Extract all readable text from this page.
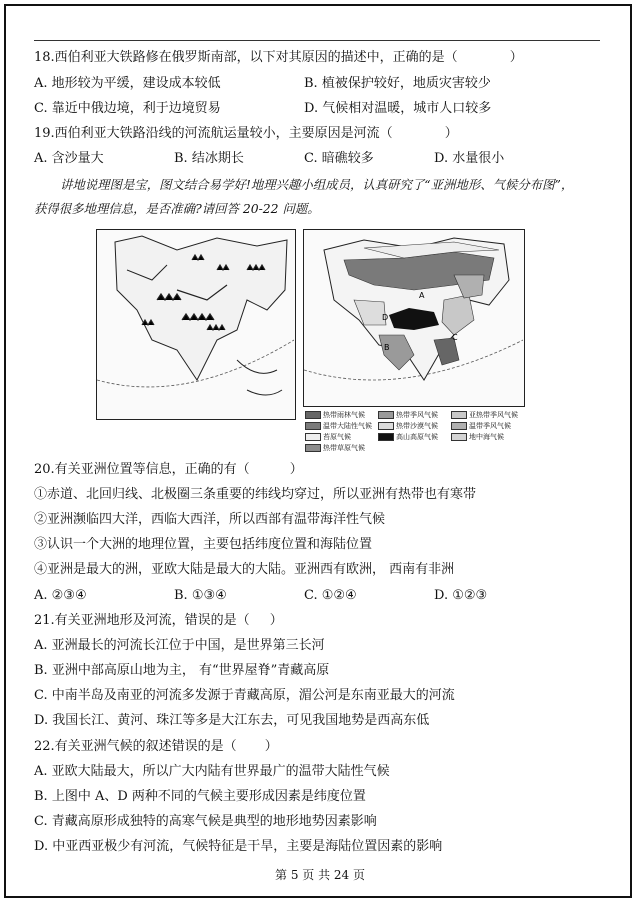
18.西伯利亚大铁路修在俄罗斯南部，以下对其原因的描述中，正确的是（	）
A. 地形较为平缓，建设成本较低	B. 植被保护较好，地质灾害较少
C. 靠近中俄边境，利于边境贸易	D. 气候相对温暖，城市人口较多
19.西伯利亚大铁路沿线的河流航运量较小，主要原因是河流（	）
A. 含沙量大	B. 结冰期长	C. 暗礁较多	D. 水量很小
讲地说理图是宝，图文结合易学好!地理兴趣小组成员，认真研究了“亚洲地形、气候分布图”，
获得很多地理信息，是否准确?请回答 20-22 问题。
A
B
C
D
热带雨林气候	热带季风气候	亚热带季风气候
温带大陆性气候	热带沙漠气候	温带季风气候
苔原气候	高山高原气候	地中海气候
热带草原气候
20.有关亚洲位置等信息，正确的有（	）
①赤道、北回归线、北极圈三条重要的纬线均穿过，所以亚洲有热带也有寒带
②亚洲濒临四大洋，西临大西洋，所以西部有温带海洋性气候
③认识一个大洲的地理位置，主要包括纬度位置和海陆位置
④亚洲是最大的洲，亚欧大陆是最大的大陆。亚洲西有欧洲， 西南有非洲
A. ②③④	B. ①③④	C. ①②④	D. ①②③
21.有关亚洲地形及河流，错误的是（ ）
A. 亚洲最长的河流长江位于中国，是世界第三长河
B. 亚洲中部高原山地为主， 有“世界屋脊”青藏高原
C. 中南半岛及南亚的河流多发源于青藏高原，湄公河是东南亚最大的河流
D. 我国长江、黄河、珠江等多是大江东去，可见我国地势是西高东低
22.有关亚洲气候的叙述错误的是（ ）
A. 亚欧大陆最大，所以广大内陆有世界最广的温带大陆性气候
B. 上图中 A、D 两种不同的气候主要形成因素是纬度位置
C. 青藏高原形成独特的高寒气候是典型的地形地势因素影响
D. 中亚西亚极少有河流，气候特征是干旱，主要是海陆位置因素的影响
第 5 页 共 24 页
